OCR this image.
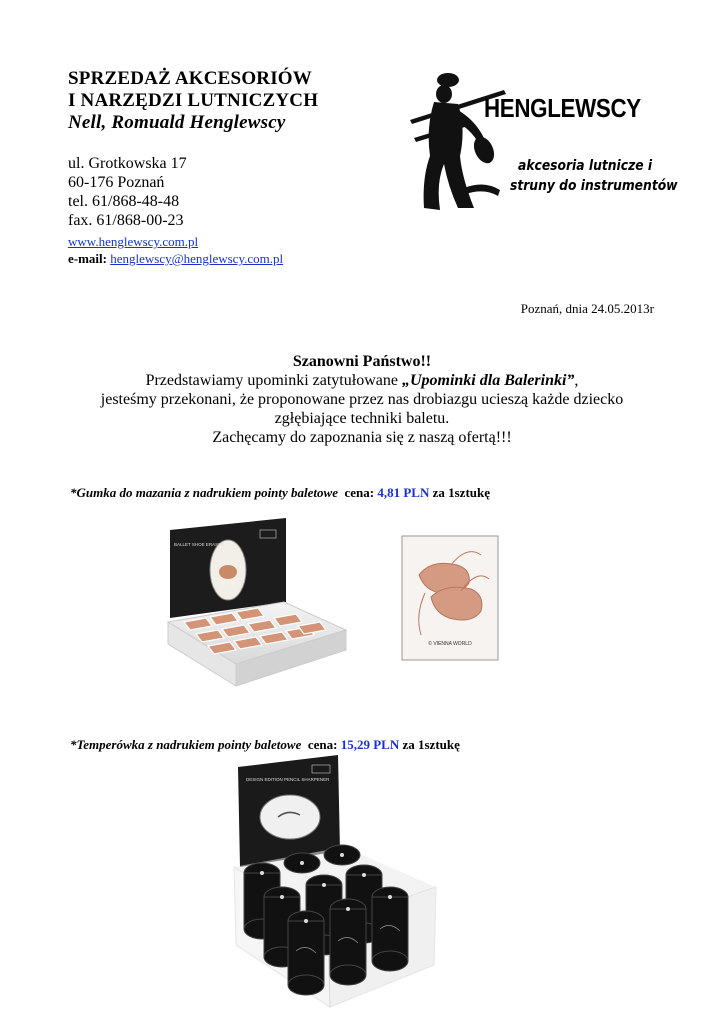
SPRZEDAŻ AKCESORIÓW
I NARZĘDZI LUTNICZYCH
Nell, Romuald Henglewscy
ul. Grotkowska 17
60-176 Poznań
tel. 61/868-48-48
fax. 61/868-00-23
www.henglewscy.com.pl
e-mail: henglewscy@henglewscy.com.pl
HENGLEWSCY
akcesoria lutnicze i
struny do instrumentów
Poznań, dnia 24.05.2013r
Szanowni Państwo!!
Przedstawiamy upominki zatytułowane „Upominki dla Balerinki”,
jesteśmy przekonani, że proponowane przez nas drobiazgu ucieszą każde dziecko
zgłębiające techniki baletu.
Zachęcamy do zapoznania się z naszą ofertą!!!
*Gumka do mazania z nadrukiem pointy baletowe cena: 4,81 PLN za 1sztukę
BALLET SHOE ERASER
© VIENNA WORLD
*Temperówka z nadrukiem pointy baletowe cena: 15,29 PLN za 1sztukę
DESIGN EDITION PENCIL SHARPENER
